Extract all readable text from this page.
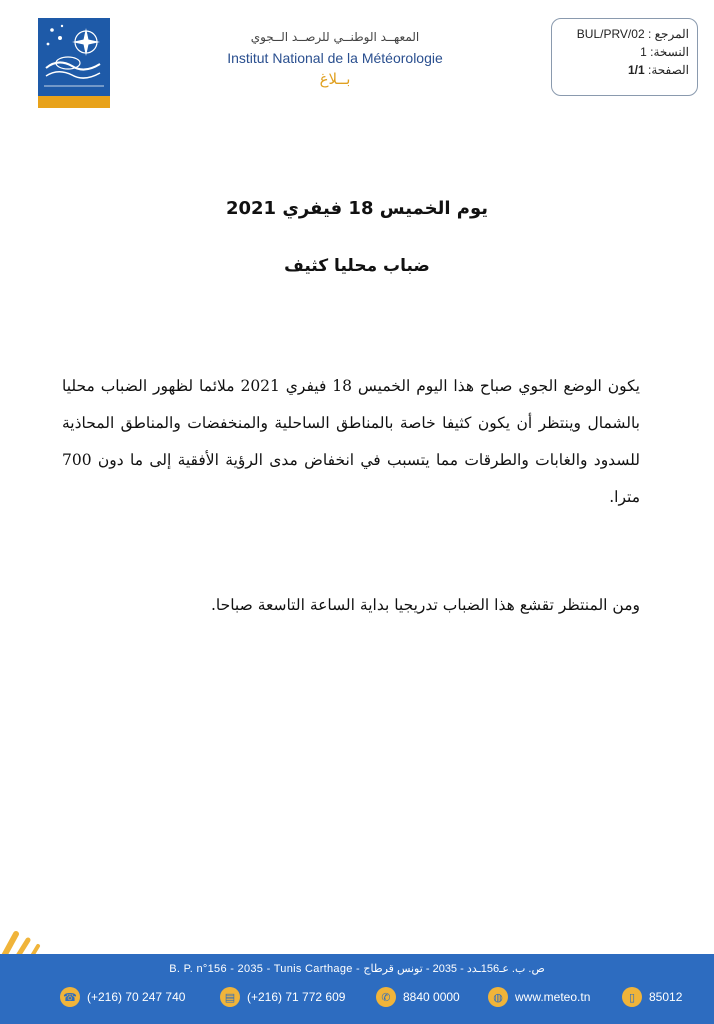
المعهــد الوطنــي للرصــد الــجوي
Institut National de la Météorologie
بــلاغ
المرجع : BUL/PRV/02
النسخة: 1
الصفحة: 1/1
يوم الخميس 18 فيفري 2021
ضباب محليا كثيف
يكون الوضع الجوي صباح هذا اليوم الخميس 18 فيفري 2021 ملائما لظهور الضباب محليا بالشمال وينتظر أن يكون كثيفا خاصة بالمناطق الساحلية والمنخفضات والمناطق المحاذية للسدود والغابات والطرقات مما يتسبب في انخفاض مدى الرؤية الأفقية إلى ما دون 700 مترا.
ومن المنتظر تقشع هذا الضباب تدريجيا بداية الساعة التاسعة صباحا.
B. P. n°156 - 2035 - Tunis Carthage - ص. ب. عـ156ـدد - 2035 - تونس قرطاج
☎ (+216) 70 247 740	▤ (+216) 71 772 609	✆	8840 0000	◍	www.meteo.tn	▯	85012
